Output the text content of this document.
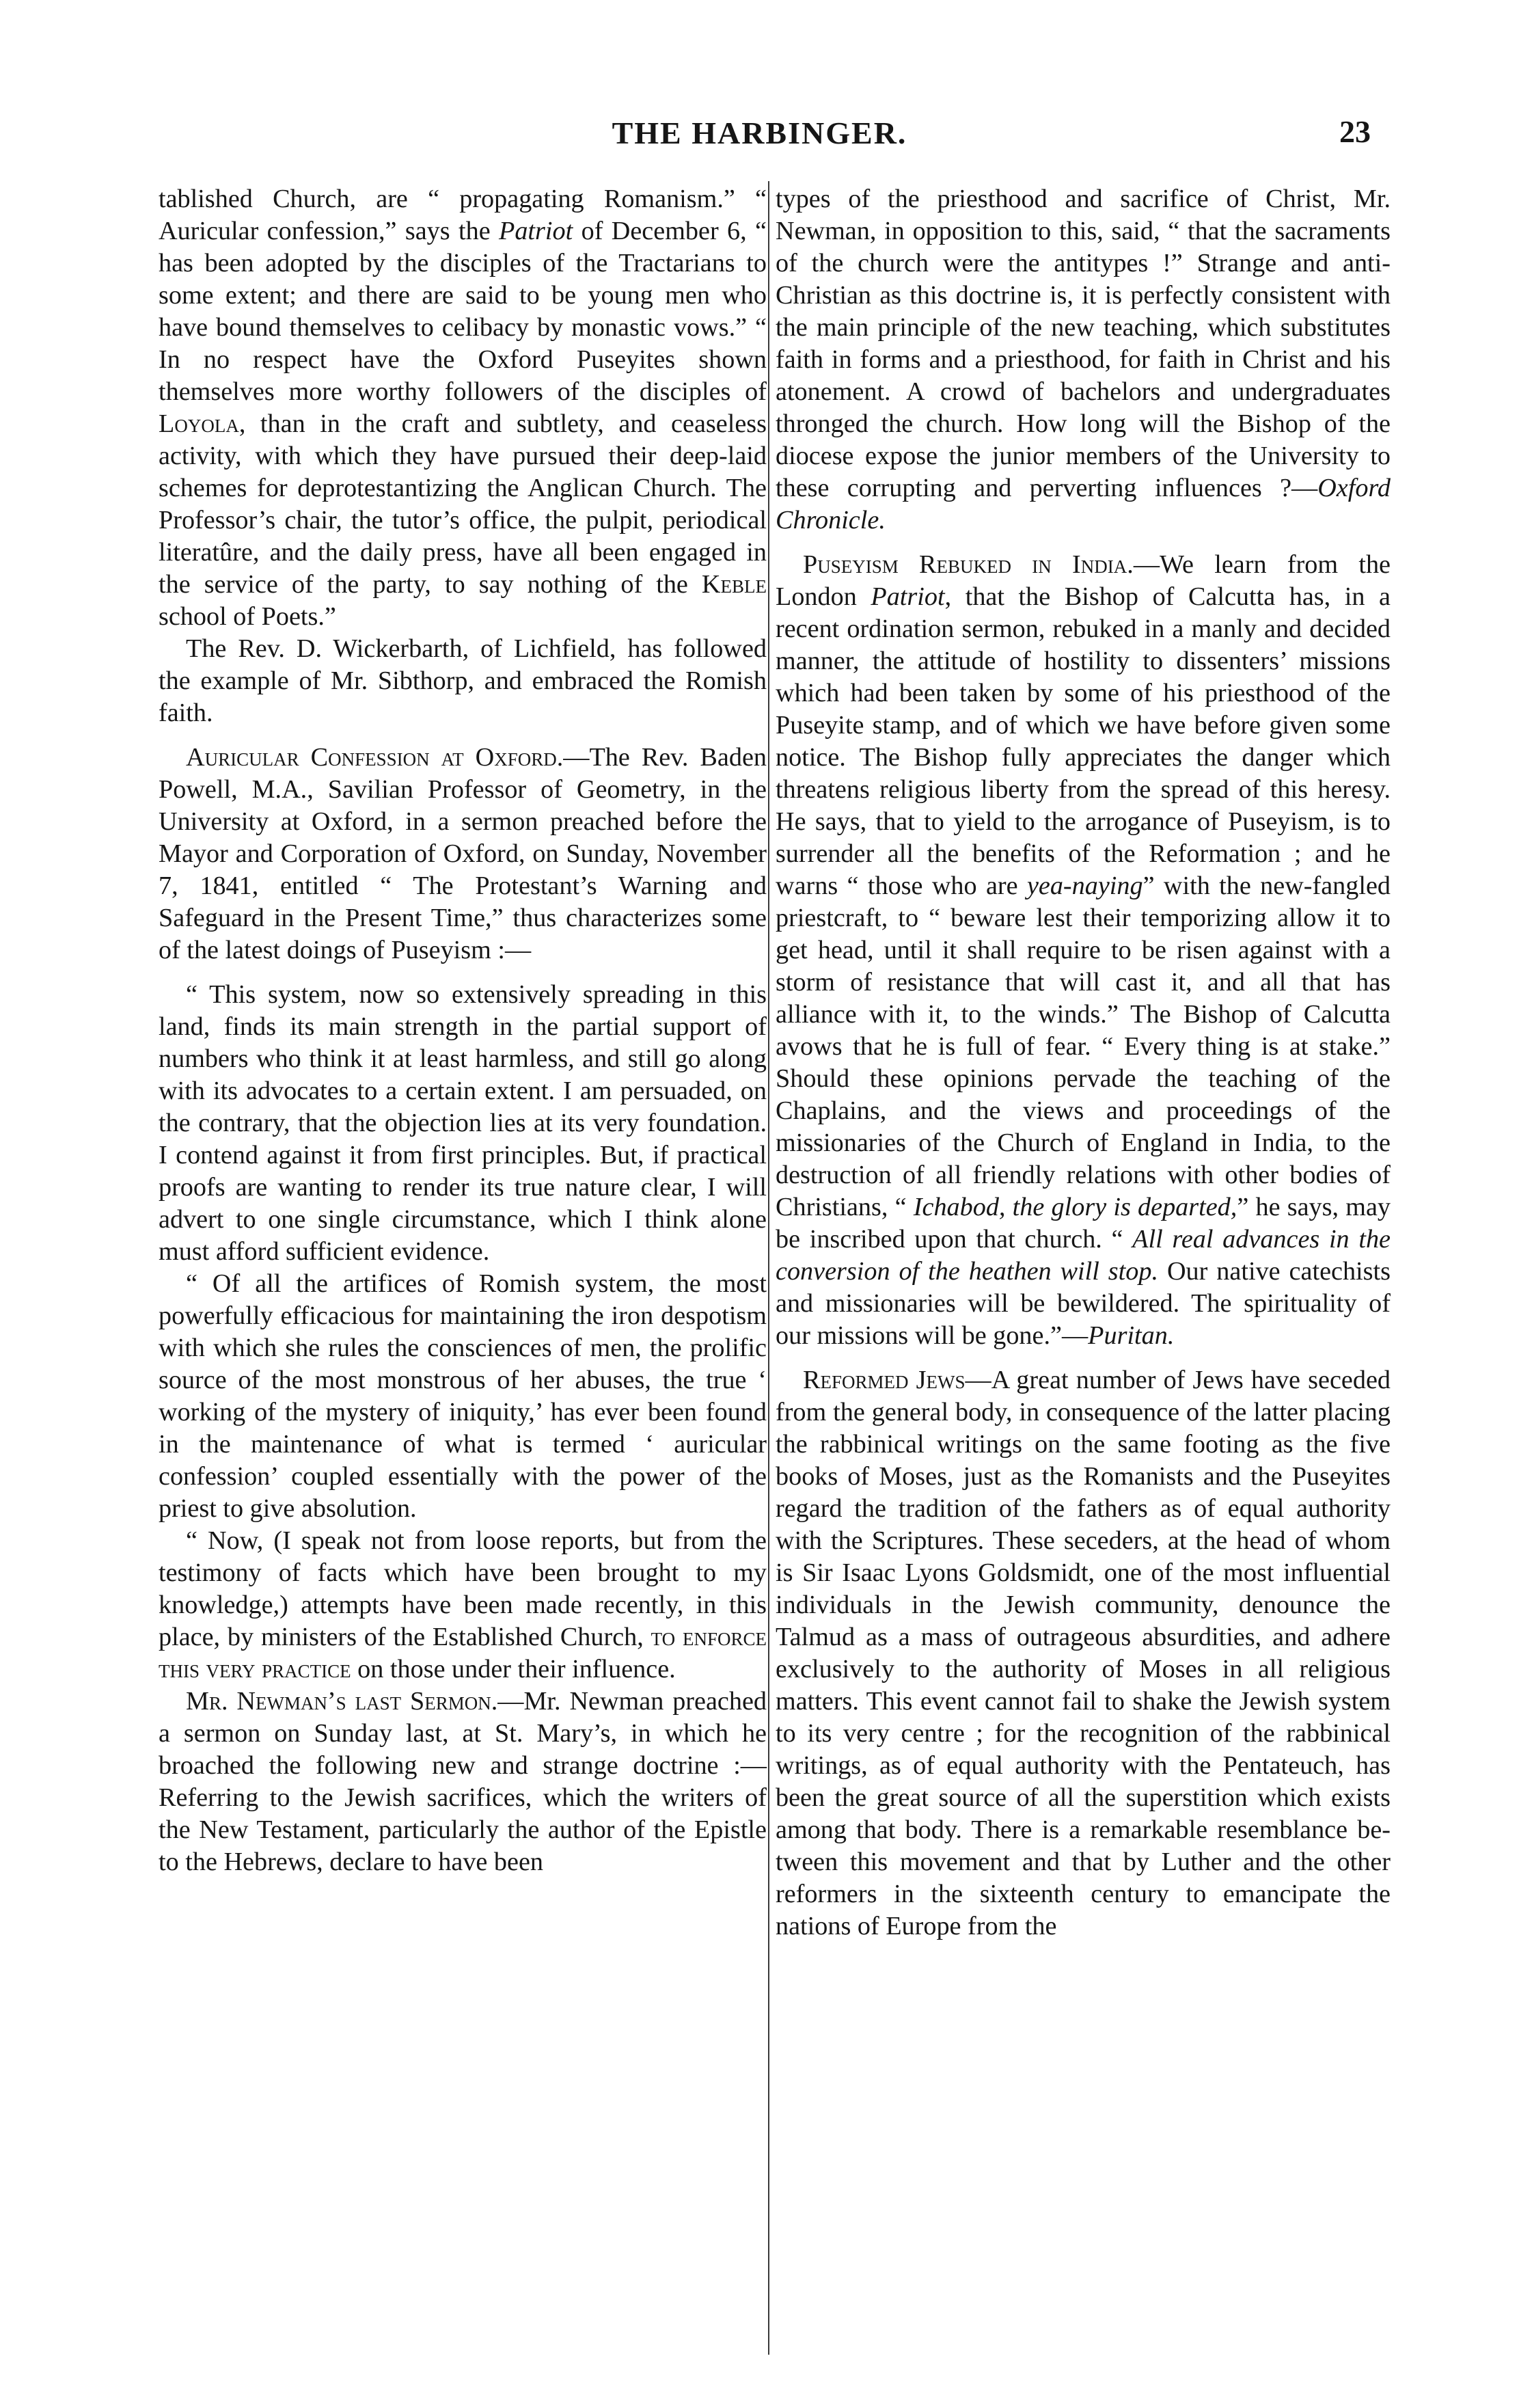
THE HARBINGER.	23

tablished Church, are “ propagating Romanism.” “ Auricular confession,” says the Patriot of December 6, “ has been adopted by the disciples of the Tractarians to some extent; and there are said to be young men who have bound themselves to celibacy by monastic vows.” “ In no respect have the Oxford Puseyites shown themselves more worthy followers of the disciples of Loyola, than in the craft and subtlety, and ceaseless activity, with which they have pursued their deep-laid schemes for deprotestantizing the Anglican Church. The Professor’s chair, the tutor’s office, the pulpit, periodical literatûre, and the daily press, have all been engaged in the service of the party, to say nothing of the Keble school of Poets.”

The Rev. D. Wickerbarth, of Lichfield, has followed the example of Mr. Sibthorp, and embraced the Romish faith.

Auricular Confession at Oxford.—The Rev. Baden Powell, M.A., Savilian Professor of Geometry, in the University at Oxford, in a sermon preached before the Mayor and Corporation of Oxford, on Sunday, November 7, 1841, entitled “ The Protestant’s Warning and Safeguard in the Present Time,” thus characterizes some of the latest doings of Puseyism :—

“ This system, now so extensively spreading in this land, finds its main strength in the partial support of numbers who think it at least harmless, and still go along with its advocates to a certain extent. I am persuaded, on the contrary, that the objection lies at its very foundation. I contend against it from first principles. But, if practical proofs are wanting to render its true nature clear, I will advert to one single circumstance, which I think alone must afford sufficient evidence.

“ Of all the artifices of Romish system, the most powerfully efficacious for maintaining the iron despotism with which she rules the consciences of men, the prolific source of the most monstrous of her abuses, the true ‘ working of the mystery of iniquity,’ has ever been found in the maintenance of what is termed ‘ auricular confession’ coupled essentially with the power of the priest to give absolution.

“ Now, (I speak not from loose reports, but from the testimony of facts which have been brought to my knowledge,) attempts have been made recently, in this place, by ministers of the Established Church, to enforce this very practice on those under their influence.

Mr. Newman’s last Sermon.—Mr. Newman preached a sermon on Sunday last, at St. Mary’s, in which he broached the following new and strange doctrine :—Referring to the Jewish sacrifices, which the writers of the New Testament, particularly the author of the Epistle to the Hebrews, declare to have been

types of the priesthood and sacrifice of Christ, Mr. Newman, in opposition to this, said, “ that the sacraments of the church were the antitypes !” Strange and anti-Christian as this doctrine is, it is perfectly consistent with the main principle of the new teaching, which substitutes faith in forms and a priesthood, for faith in Christ and his atonement. A crowd of bachelors and undergraduates thronged the church. How long will the Bishop of the diocese expose the junior members of the University to these corrupting and perverting influences ?—Oxford Chronicle.

Puseyism Rebuked in India.—We learn from the London Patriot, that the Bishop of Calcutta has, in a recent ordination sermon, rebuked in a manly and decided manner, the attitude of hostility to dissenters’ missions which had been taken by some of his priesthood of the Puseyite stamp, and of which we have before given some notice. The Bishop fully appreciates the danger which threatens religious liberty from the spread of this heresy. He says, that to yield to the arrogance of Puseyism, is to surrender all the benefits of the Reformation ; and he warns “ those who are yea-naying” with the new-fangled priestcraft, to “ beware lest their temporizing allow it to get head, until it shall require to be risen against with a storm of resistance that will cast it, and all that has alliance with it, to the winds.” The Bishop of Calcutta avows that he is full of fear. “ Every thing is at stake.” Should these opinions pervade the teaching of the Chaplains, and the views and proceedings of the missionaries of the Church of England in India, to the destruction of all friendly relations with other bodies of Christians, “ Ichabod, the glory is departed,” he says, may be inscribed upon that church. “ All real advances in the conversion of the heathen will stop. Our native catechists and missionaries will be bewildered. The spirituality of our missions will be gone.”—Puritan.

Reformed Jews—A great number of Jews have seceded from the general body, in consequence of the latter placing the rabbinical writings on the same footing as the five books of Moses, just as the Romanists and the Puseyites regard the tradition of the fathers as of equal authority with the Scriptures. These seceders, at the head of whom is Sir Isaac Lyons Goldsmidt, one of the most influential individuals in the Jewish community, denounce the Talmud as a mass of outrageous absurdities, and adhere exclusively to the authority of Moses in all religious matters. This event cannot fail to shake the Jewish system to its very centre ; for the recognition of the rabbinical writings, as of equal authority with the Pentateuch, has been the great source of all the superstition which exists among that body. There is a remarkable resemblance between this movement and that by Luther and the other reformers in the sixteenth century to emancipate the nations of Europe from the
